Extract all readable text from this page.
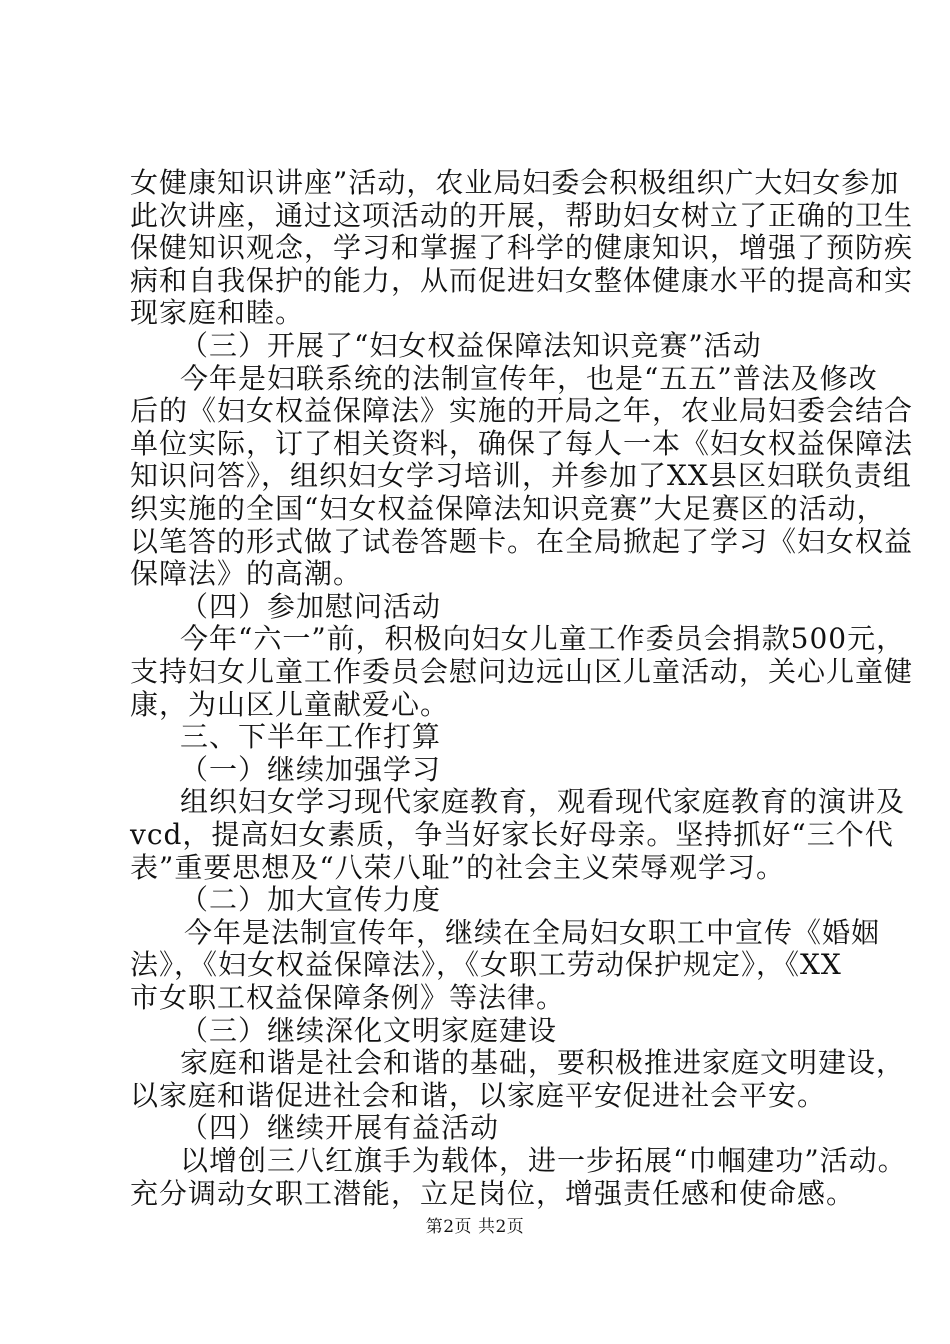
女健康知识讲座”活动，农业局妇委会积极组织广大妇女参加
此次讲座，通过这项活动的开展，帮助妇女树立了正确的卫生
保健知识观念，学习和掌握了科学的健康知识，增强了预防疾
病和自我保护的能力，从而促进妇女整体健康水平的提高和实
现家庭和睦。
（三）开展了“妇女权益保障法知识竞赛”活动
今年是妇联系统的法制宣传年，也是“五五”普法及修改
后的《妇女权益保障法》实施的开局之年，农业局妇委会结合
单位实际，订了相关资料，确保了每人一本《妇女权益保障法
知识问答》，组织妇女学习培训，并参加了XX县区妇联负责组
织实施的全国“妇女权益保障法知识竞赛”大足赛区的活动，
以笔答的形式做了试卷答题卡。在全局掀起了学习《妇女权益
保障法》的高潮。
（四）参加慰问活动
今年“六一”前，积极向妇女儿童工作委员会捐款500元，
支持妇女儿童工作委员会慰问边远山区儿童活动，关心儿童健
康，为山区儿童献爱心。
三、下半年工作打算
（一）继续加强学习
组织妇女学习现代家庭教育，观看现代家庭教育的演讲及
vcd，提高妇女素质，争当好家长好母亲。坚持抓好“三个代
表”重要思想及“八荣八耻”的社会主义荣辱观学习。
（二）加大宣传力度
今年是法制宣传年，继续在全局妇女职工中宣传《婚姻
法》，《妇女权益保障法》，《女职工劳动保护规定》，《XX
市女职工权益保障条例》等法律。
（三）继续深化文明家庭建设
家庭和谐是社会和谐的基础，要积极推进家庭文明建设，
以家庭和谐促进社会和谐，以家庭平安促进社会平安。
（四）继续开展有益活动
以增创三八红旗手为载体，进一步拓展“巾帼建功”活动。
充分调动女职工潜能，立足岗位，增强责任感和使命感。
第2页 共2页
